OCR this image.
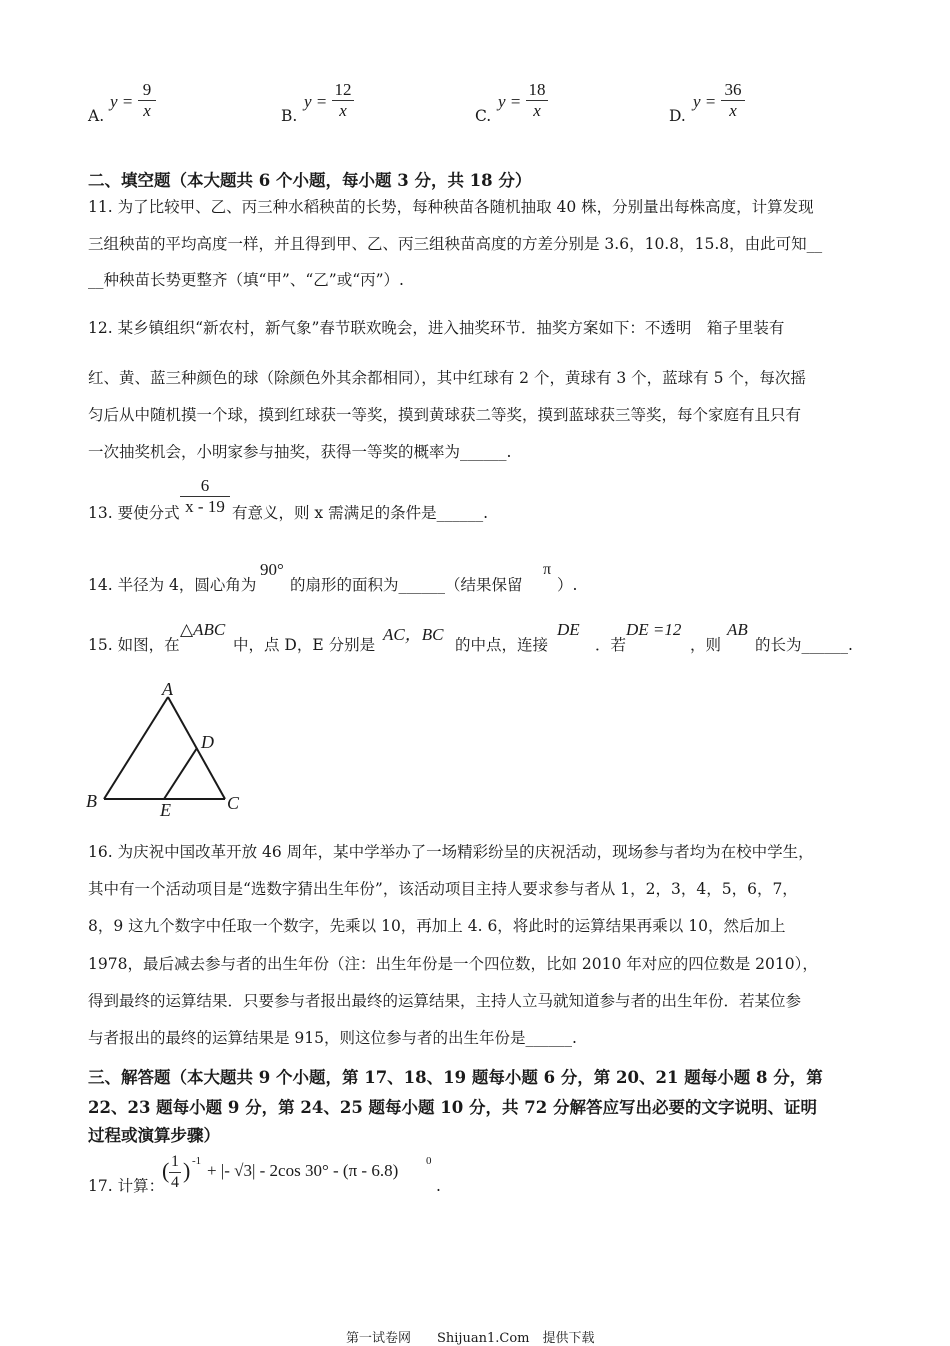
A.
y =
9
x	B.
y =
12
x	C.
y =
18
x	D.
y =
36
x
二、填空题（本大题共 6 个小题，每小题 3 分，共 18 分）
11. 为了比较甲、乙、丙三种水稻秧苗的长势，每种秧苗各随机抽取 40 株，分别量出每株高度，计算发现
三组秧苗的平均高度一样，并且得到甲、乙、丙三组秧苗高度的方差分别是 3.6，10.8，15.8，由此可知__
__种秧苗长势更整齐（填“甲”、“乙”或“丙”）.
12. 某乡镇组织“新农村，新气象”春节联欢晚会，进入抽奖环节．抽奖方案如下：不透明　箱子里装有
红、黄、蓝三种颜色的球（除颜色外其余都相同），其中红球有 2 个，黄球有 3 个，蓝球有 5 个，每次摇
匀后从中随机摸一个球，摸到红球获一等奖，摸到黄球获二等奖，摸到蓝球获三等奖，每个家庭有且只有
一次抽奖机会，小明家参与抽奖，获得一等奖的概率为______.
13. 要使分式
6
x - 19 有意义，则 x 需满足的条件是______.
14. 半径为 4，圆心角为
90°
的扇形的面积为______（结果保留
π
）.
15. 如图，在
△ABC
中，点 D，E 分别是
AC，BC
的中点，连接
DE
．若
DE =12
，则
AB
的长为______.
A
B	C
D
E
16. 为庆祝中国改革开放 46 周年，某中学举办了一场精彩纷呈的庆祝活动，现场参与者均为在校中学生，
其中有一个活动项目是“选数字猜出生年份”，该活动项目主持人要求参与者从 1，2，3，4，5，6，7，
8，9 这九个数字中任取一个数字，先乘以 10，再加上 4. 6，将此时的运算结果再乘以 10，然后加上
1978，最后减去参与者的出生年份（注：出生年份是一个四位数，比如 2010 年对应的四位数是 2010），
得到最终的运算结果．只要参与者报出最终的运算结果，主持人立马就知道参与者的出生年份．若某位参
与者报出的最终的运算结果是 915，则这位参与者的出生年份是______.
三、解答题（本大题共 9 个小题，第 17、18、19 题每小题 6 分，第 20、21 题每小题 8 分，第
22、23 题每小题 9 分，第 24、25 题每小题 10 分，共 72 分解答应写出必要的文字说明、证明
过程或演算步骤）
17. 计算：
( 1
4 ) -1 + |- √3| - 2cos 30° - (π - 6.8)	0
.
第一试卷网　　Shijuan1.Com　提供下载
